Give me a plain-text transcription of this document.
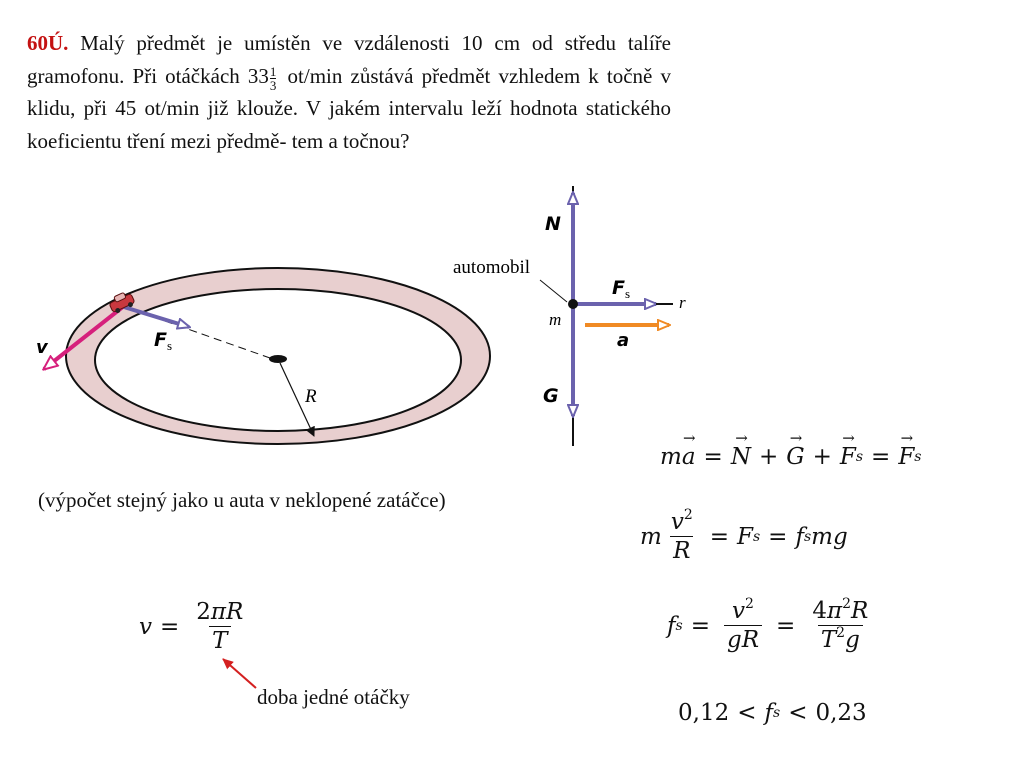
60Ú. Malý předmět je umístěn ve vzdálenosti 10 cm od středu talíře gramofonu. Při otáčkách $33 \frac{1}{3} ot/\min$ zůstává předmět vzhledem k točně v klidu, při 45 ot/min již klouže. V jakém intervalu leží hodnota statického koeficientu tření mezi předmě- tem a točnou?
R
v	$F_s$
N
automobil
m
$F_s$	r
a
G
(výpočet stejný jako u auta v neklopené zatáčce)
m a → = N → + G → + F → s = F → s
m $\frac{v^2}{R} = F$ s = f s mg
f $s = \frac{v^2}{gR} = \frac{4\pi^2R}{T^2g}$
$v = \frac{2\pi R}{T}$
doba jedné otáčky
0,12 < f s < 0,23
